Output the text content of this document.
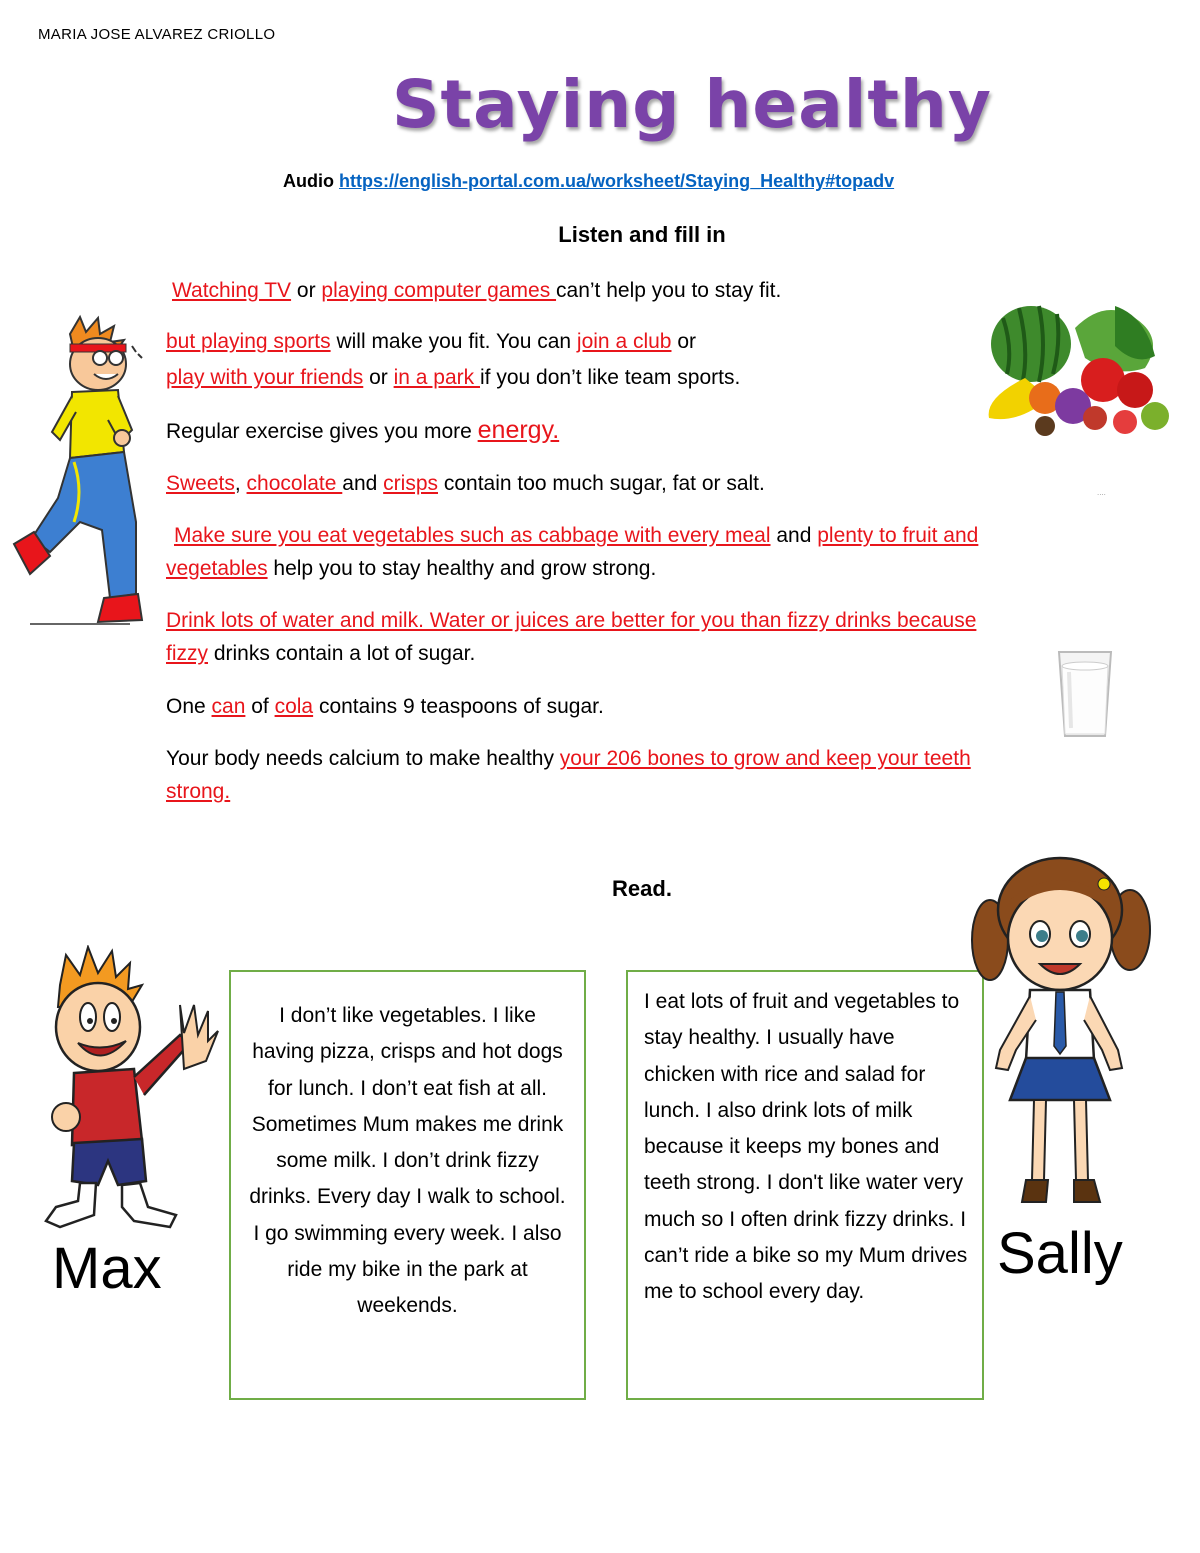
MARIA JOSE ALVAREZ CRIOLLO
Staying healthy
Audio https://english-portal.com.ua/worksheet/Staying_Healthy#topadv
Listen and fill in
....
Watching TV or playing computer games can’t help you to stay fit.
but playing sports will make you fit. You can join a club or
play with your friends or in a park if you don’t like team sports.
Regular exercise gives you more energy.
Sweets, chocolate and crisps contain too much sugar, fat or salt.
Make sure you eat vegetables such as cabbage with every meal and plenty to fruit and
vegetables help you to stay healthy and grow strong.
Drink lots of water and milk. Water or juices are better for you than fizzy drinks because
fizzy drinks contain a lot of sugar.
One can of cola contains 9 teaspoons of sugar.
Your body needs calcium to make healthy your 206 bones to grow and keep your teeth
strong.
Read.
Max
I don’t like vegetables. I like having pizza, crisps and hot dogs for lunch. I don’t eat fish at all. Sometimes Mum makes me drink some milk. I don’t drink fizzy drinks. Every day I walk to school. I go swimming every week. I also ride my bike in the park at weekends.
I eat lots of fruit and vegetables to stay healthy. I usually have chicken with rice and salad for lunch. I also drink lots of milk because it keeps my bones and teeth strong. I don't like water very much so I often drink fizzy drinks. I can’t ride a bike so my Mum drives me to school every day.
Sally
